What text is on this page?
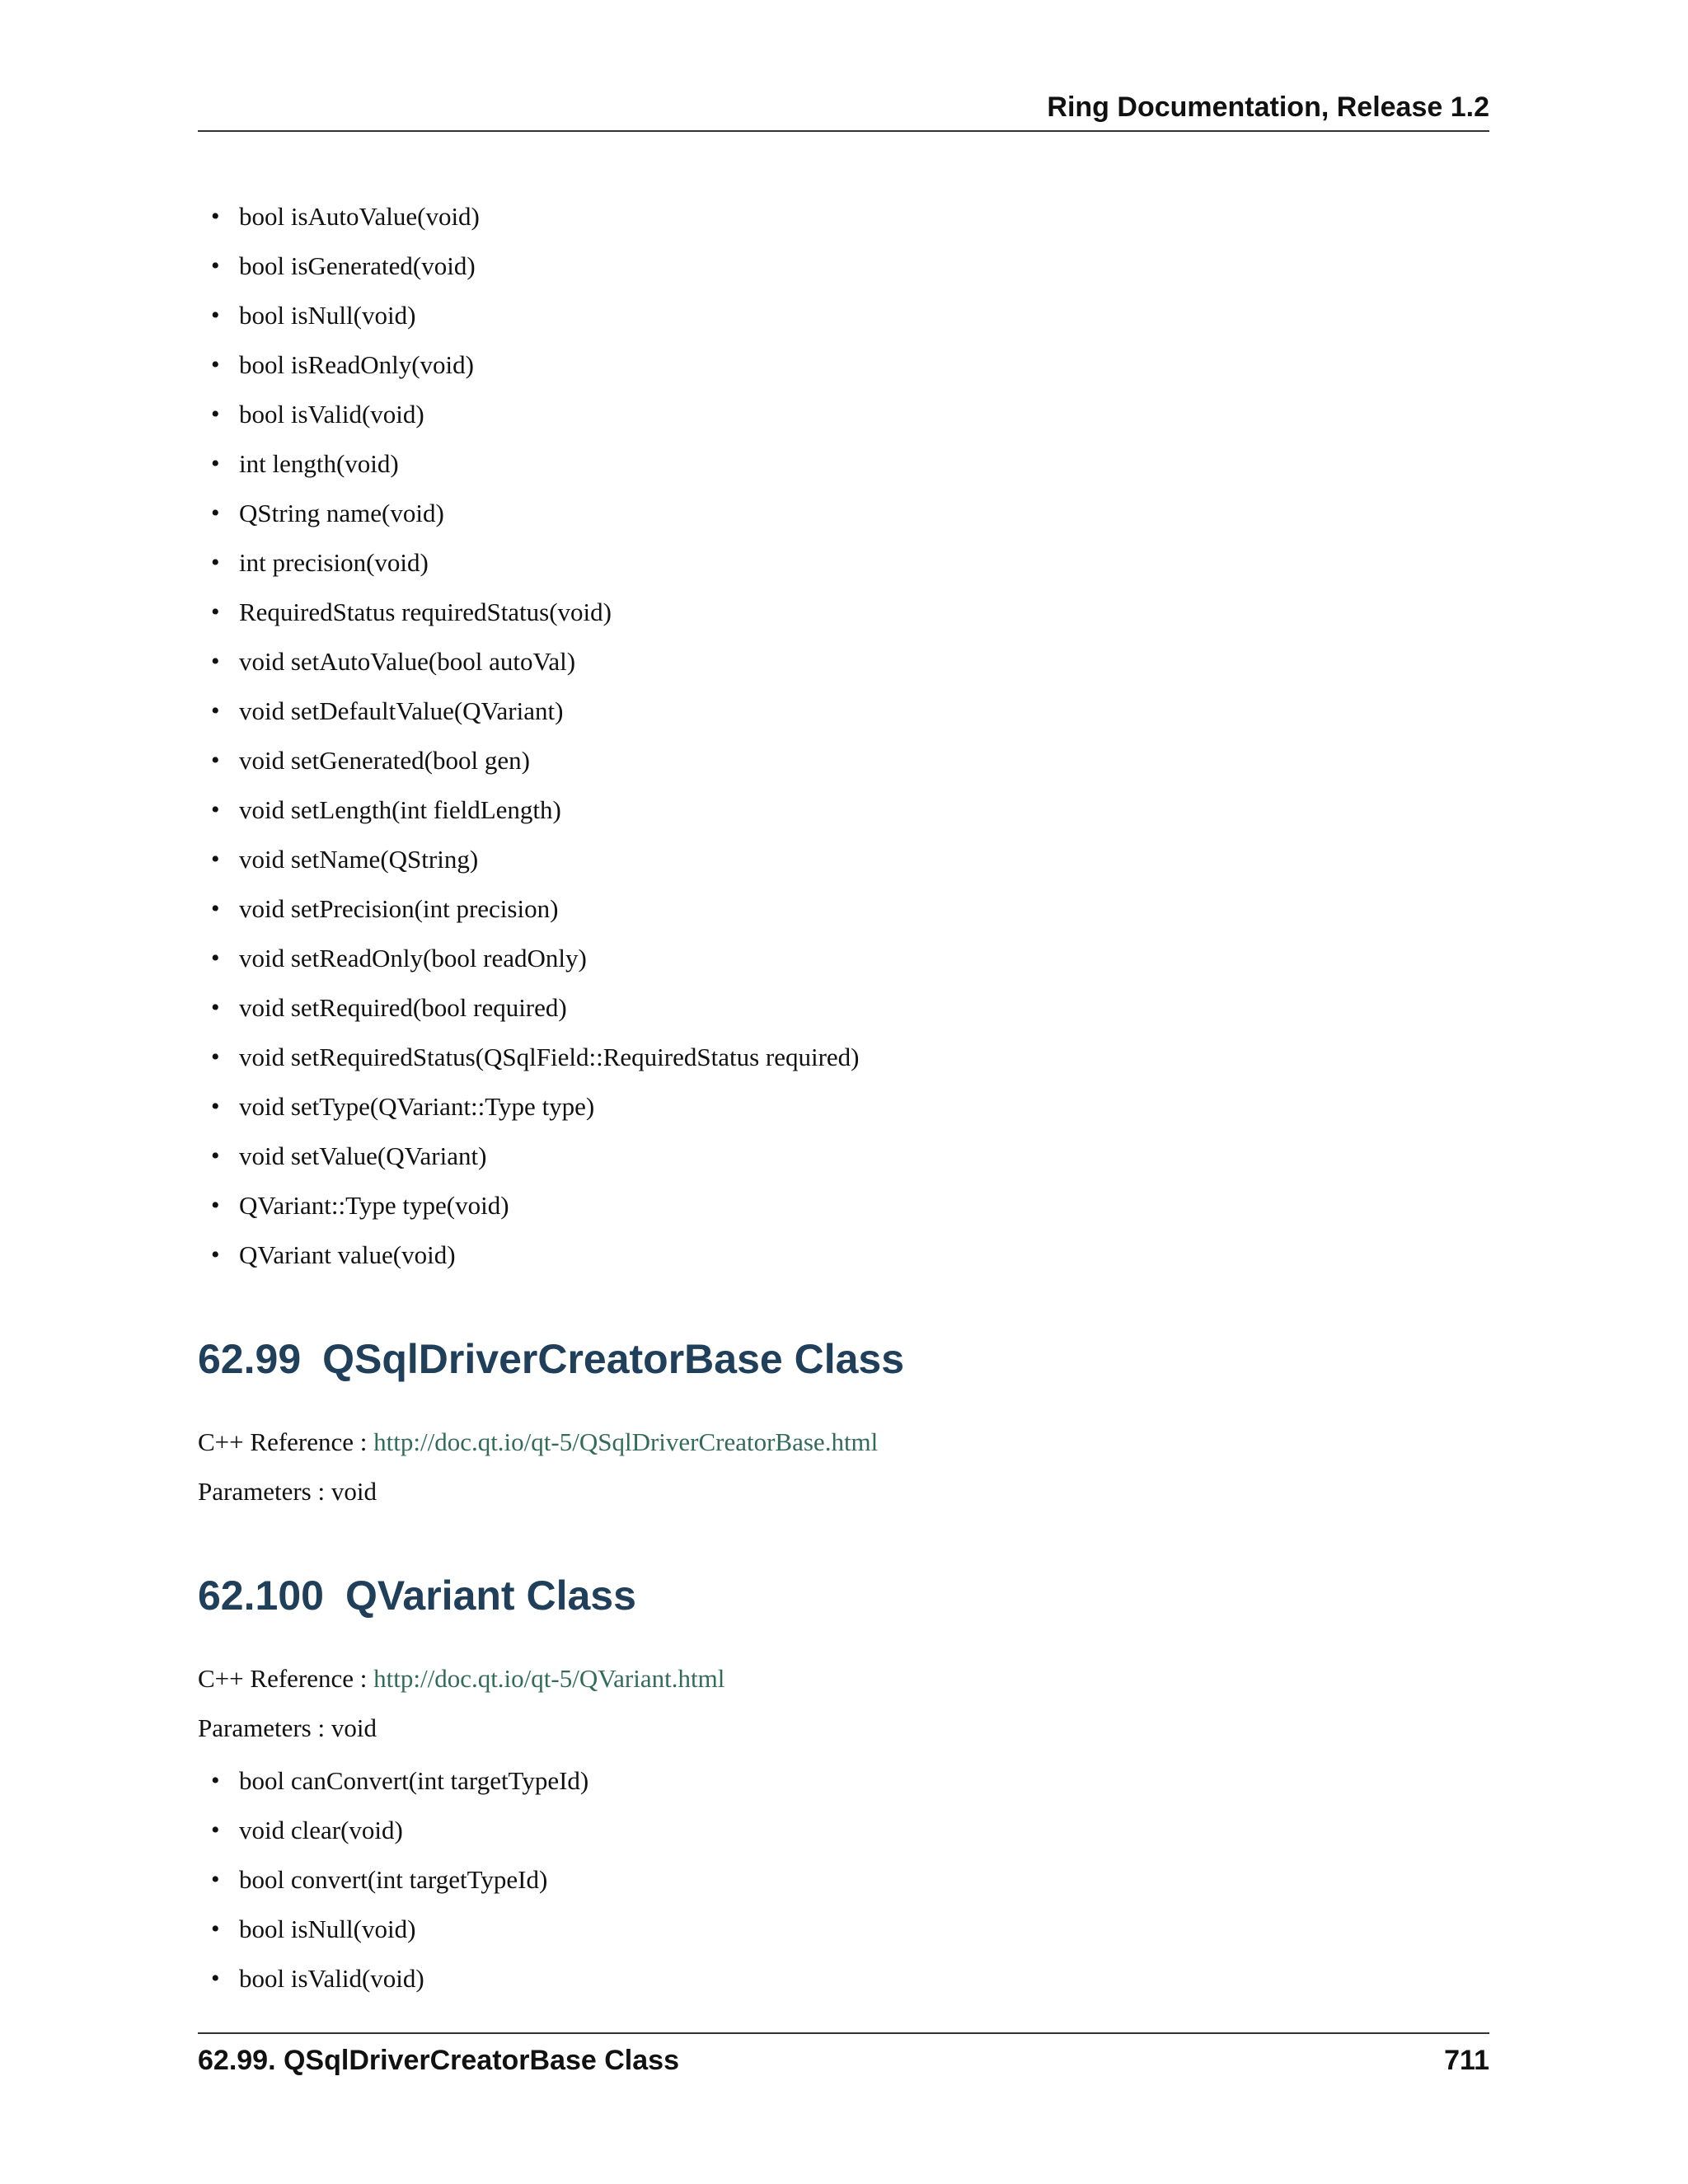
Ring Documentation, Release 1.2
• bool isAutoValue(void)
• bool isGenerated(void)
• bool isNull(void)
• bool isReadOnly(void)
• bool isValid(void)
• int length(void)
• QString name(void)
• int precision(void)
• RequiredStatus requiredStatus(void)
• void setAutoValue(bool autoVal)
• void setDefaultValue(QVariant)
• void setGenerated(bool gen)
• void setLength(int fieldLength)
• void setName(QString)
• void setPrecision(int precision)
• void setReadOnly(bool readOnly)
• void setRequired(bool required)
• void setRequiredStatus(QSqlField::RequiredStatus required)
• void setType(QVariant::Type type)
• void setValue(QVariant)
• QVariant::Type type(void)
• QVariant value(void)
62.99 QSqlDriverCreatorBase Class
C++ Reference : http://doc.qt.io/qt-5/QSqlDriverCreatorBase.html
Parameters : void
62.100 QVariant Class
C++ Reference : http://doc.qt.io/qt-5/QVariant.html
Parameters : void
• bool canConvert(int targetTypeId)
• void clear(void)
• bool convert(int targetTypeId)
• bool isNull(void)
• bool isValid(void)
62.99. QSqlDriverCreatorBase Class	711
